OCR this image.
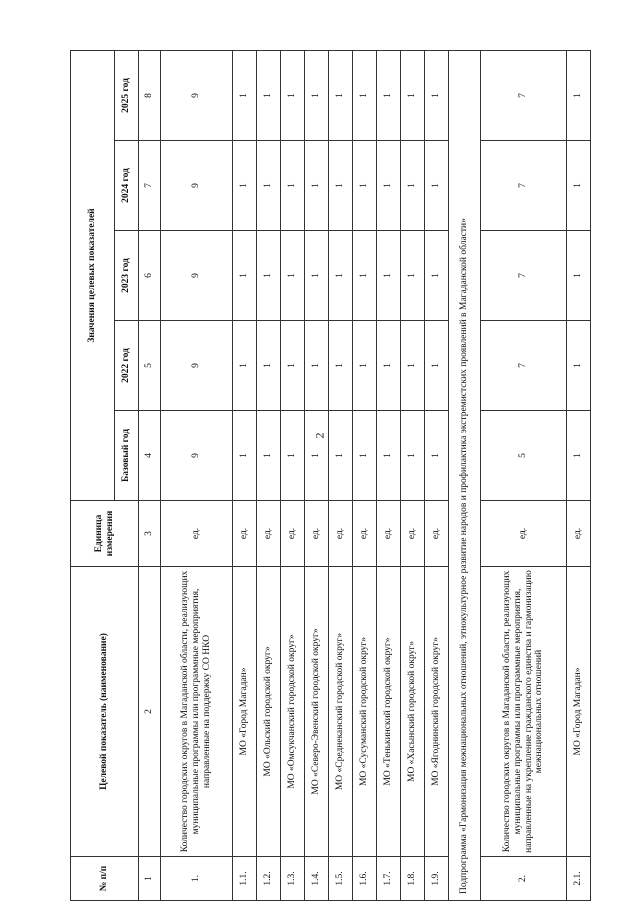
2
№ п/п	Целевой показатель (наименование)	Единица измерения	Значения целевых показателей				
			Базовый год	2022 год	2023 год	2024 год	2025 год
1	2	3	4	5	6	7	8
1.	Количество городских округов в Магаданской области, реализующих муниципальные программы или программные мероприятия, направленные на поддержку СО НКО	ед.	9	9	9	9	9
1.1.	МО «Город Магадан»	ед.	1	1	1	1	1
1.2.	МО «Ольский городской округ»	ед.	1	1	1	1	1
1.3.	МО «Омсукчанский городской округ»	ед.	1	1	1	1	1
1.4.	МО «Северо-Эвенский городской округ»	ед.	1	1	1	1	1
1.5.	МО «Среднеканский городской округ»	ед.	1	1	1	1	1
1.6.	МО «Сусуманский городской округ»	ед.	1	1	1	1	1
1.7.	МО «Тенькинский городской округ»	ед.	1	1	1	1	1
1.8.	МО «Хасынский городской округ»	ед.	1	1	1	1	1
1.9.	МО «Ягоднинский городской округ»	ед.	1	1	1	1	1
Подпрограмма «Гармонизация межнациональных отношений, этнокультурное развитие народов и профилактика экстремистских проявлений в Магаданской области»							
2.	Количество городских округов в Магаданской области, реализующих муниципальные программы или программные мероприятия, направленные на укрепление гражданского единства и гармонизацию межнациональных отношений	ед.	5	7	7	7	7
2.1.	МО «Город Магадан»	ед.	1	1	1	1	1
